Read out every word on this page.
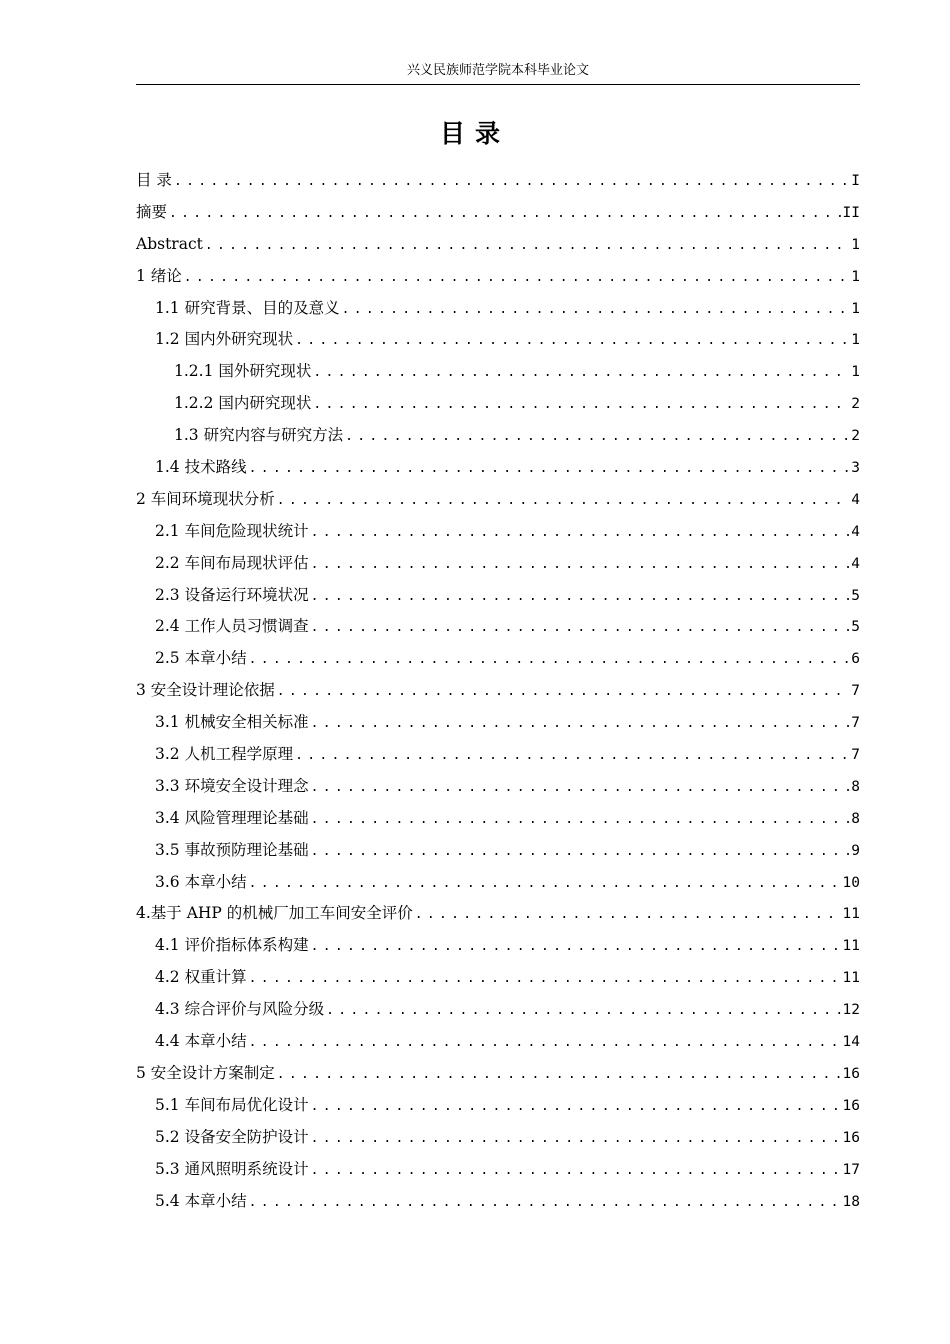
兴义民族师范学院本科毕业论文
目录
目 录 .....	I
摘要 .....	II
Abstract .....	1
1 绪论 .....	1
1.1 研究背景、目的及意义 .....	1
1.2 国内外研究现状 .....	1
1.2.1 国外研究现状 .....	1
1.2.2 国内研究现状 .....	2
1.3 研究内容与研究方法 .....	2
1.4 技术路线 .....	3
2 车间环境现状分析 .....	4
2.1 车间危险现状统计 .....	4
2.2 车间布局现状评估 .....	4
2.3 设备运行环境状况 .....	5
2.4 工作人员习惯调查 .....	5
2.5 本章小结 .....	6
3 安全设计理论依据 .....	7
3.1 机械安全相关标准 .....	7
3.2 人机工程学原理 .....	7
3.3 环境安全设计理念 .....	8
3.4 风险管理理论基础 .....	8
3.5 事故预防理论基础 .....	9
3.6 本章小结 .....	10
4.基于 AHP 的机械厂加工车间安全评价 .....	11
4.1 评价指标体系构建 .....	11
4.2 权重计算 .....	11
4.3 综合评价与风险分级 .....	12
4.4 本章小结 .....	14
5 安全设计方案制定 .....	16
5.1 车间布局优化设计 .....	16
5.2 设备安全防护设计 .....	16
5.3 通风照明系统设计 .....	17
5.4 本章小结 .....	18
